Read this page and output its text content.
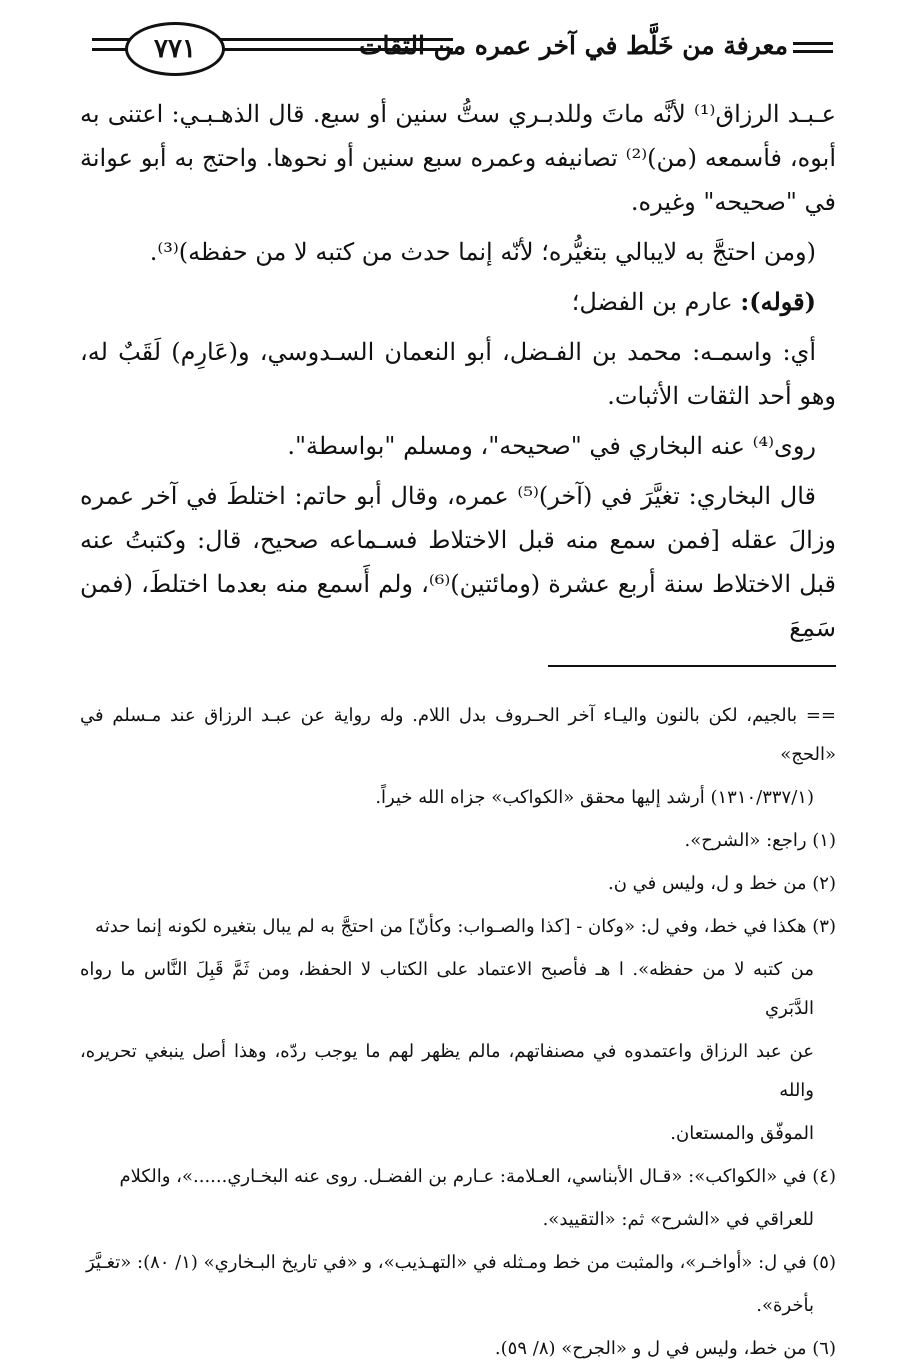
٧٧١	معرفة من خَلَّط في آخر عمره من الثقات

عـبـد الرزاق⁽¹⁾ لأنَّه ماتَ وللدبـري ستُّ سنين أو سبع. قال الذهـبـي: اعتنى به أبوه، فأسمعه (من)⁽²⁾ تصانيفه وعمره سبع سنين أو نحوها. واحتج به أبو عوانة في "صحيحه" وغيره.

(ومن احتجَّ به لايبالي بتغيُّره؛ لأنّه إنما حدث من كتبه لا من حفظه)⁽³⁾.

(قوله): عارم بن الفضل؛

أي: واسمـه: محمد بن الفـضل، أبو النعمان السـدوسي، و(عَارِم) لَقَبٌ له، وهو أحد الثقات الأثبات.

روى⁽⁴⁾ عنه البخاري في "صحيحه"، ومسلم "بواسطة".

قال البخاري: تغيَّرَ في (آخر)⁽⁵⁾ عمره، وقال أبو حاتم: اختلطَ في آخر عمره وزالَ عقله [فمن سمع منه قبل الاختلاط فسـماعه صحيح، قال: وكتبتُ عنه قبل الاختلاط سنة أربع عشرة (ومائتين)⁽⁶⁾، ولم أَسمع منه بعدما اختلطَ، (فمن سَمِعَ

== بالجيم، لكن بالنون واليـاء آخر الحـروف بدل اللام. وله رواية عن عبـد الرزاق عند مـسلم في «الحج»

(١٣١٠/٣٣٧/١) أرشد إليها محقق «الكواكب» جزاه الله خيراً.

(١) راجع: «الشرح».

(٢) من خط و ل، وليس في ن.

(٣) هكذا في خط، وفي ل: «وكان - [كذا والصـواب: وكأنّ] من احتجَّ به لم يبال بتغيره لكونه إنما حدثه

من كتبه لا من حفظه». ا هـ فأصبح الاعتماد على الكتاب لا الحفظ، ومن ثَمَّ قَبِلَ النَّاس ما رواه الدَّبَري

عن عبد الرزاق واعتمدوه في مصنفاتهم، مالم يظهر لهم ما يوجب ردّه، وهذا أصل ينبغي تحريره، والله

الموفّق والمستعان.

(٤) في «الكواكب»: «قـال الأبناسي، العـلامة: عـارم بن الفضـل. روى عنه البخـاري......»، والكلام

للعراقي في «الشرح» ثم: «التقييد».

(٥) في ل: «أواخـر»، والمثبت من خط ومـثله في «التهـذيب»، و «في تاريخ البـخاري» (١/ ٨٠): «تغـيَّرَ

بأخرة».

(٦) من خط، وليس في ل و «الجرح» (٨/ ٥٩).
